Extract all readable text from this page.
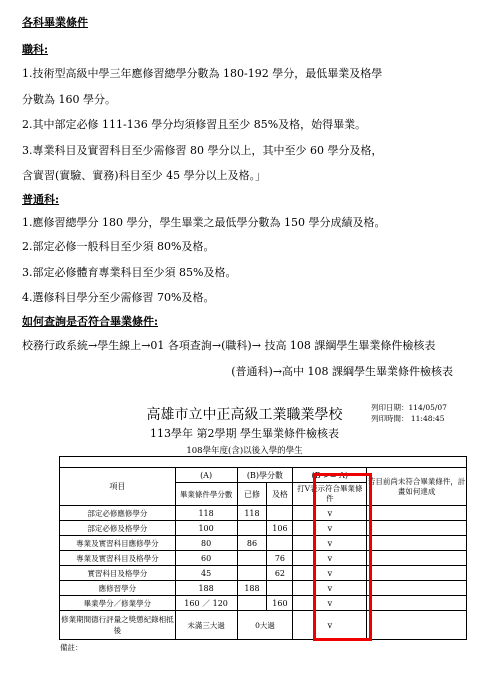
各科畢業條件
職科:
1.技術型高級中學三年應修習總學分數為 180-192 學分，最低畢業及格學
分數為 160 學分。
2.其中部定必修 111-136 學分均須修習且至少 85%及格，始得畢業。
3.專業科目及實習科目至少需修習 80 學分以上，其中至少 60 學分及格，
含實習(實驗、實務)科目至少 45 學分以上及格。」
普通科:
1.應修習總學分 180 學分，學生畢業之最低學分數為 150 學分成績及格。
2.部定必修一般科目至少須 80%及格。
3.部定必修體育專業科目至少須 85%及格。
4.選修科目學分至少需修習 70%及格。
如何查詢是否符合畢業條件:
校務行政系統→學生線上→01 各項查詢→(職科)→ 技高 108 課綱學生畢業條件檢核表
(普通科)→高中 108 課綱學生畢業條件檢核表
高雄市立中正高級工業職業學校	列印日期：114/05/07
列印時間： 11:48:45
113學年 第2學期 學生畢業條件檢核表
108學年度(含)以後入學的學生

項目	(A)	(B)學分數		(B >= A)	若目前尚未符合畢業條件，計畫如何達成
	畢業條件學分數	已修	及格	打V表示符合畢業條件	
部定必修應修學分	118	118		v	
部定必修及格學分	100		106	v	
專業及實習科目應修學分	80	86		v	
專業及實習科目及格學分	60		76	v	
實習科目及格學分	45		62	v	
應修習學分	188	188		v	
畢業學分／修業學分	160 ／ 120		160	v	
修業期間德行評量之獎懲紀錄相抵後	未滿三大過	0大過		v	
備註：
